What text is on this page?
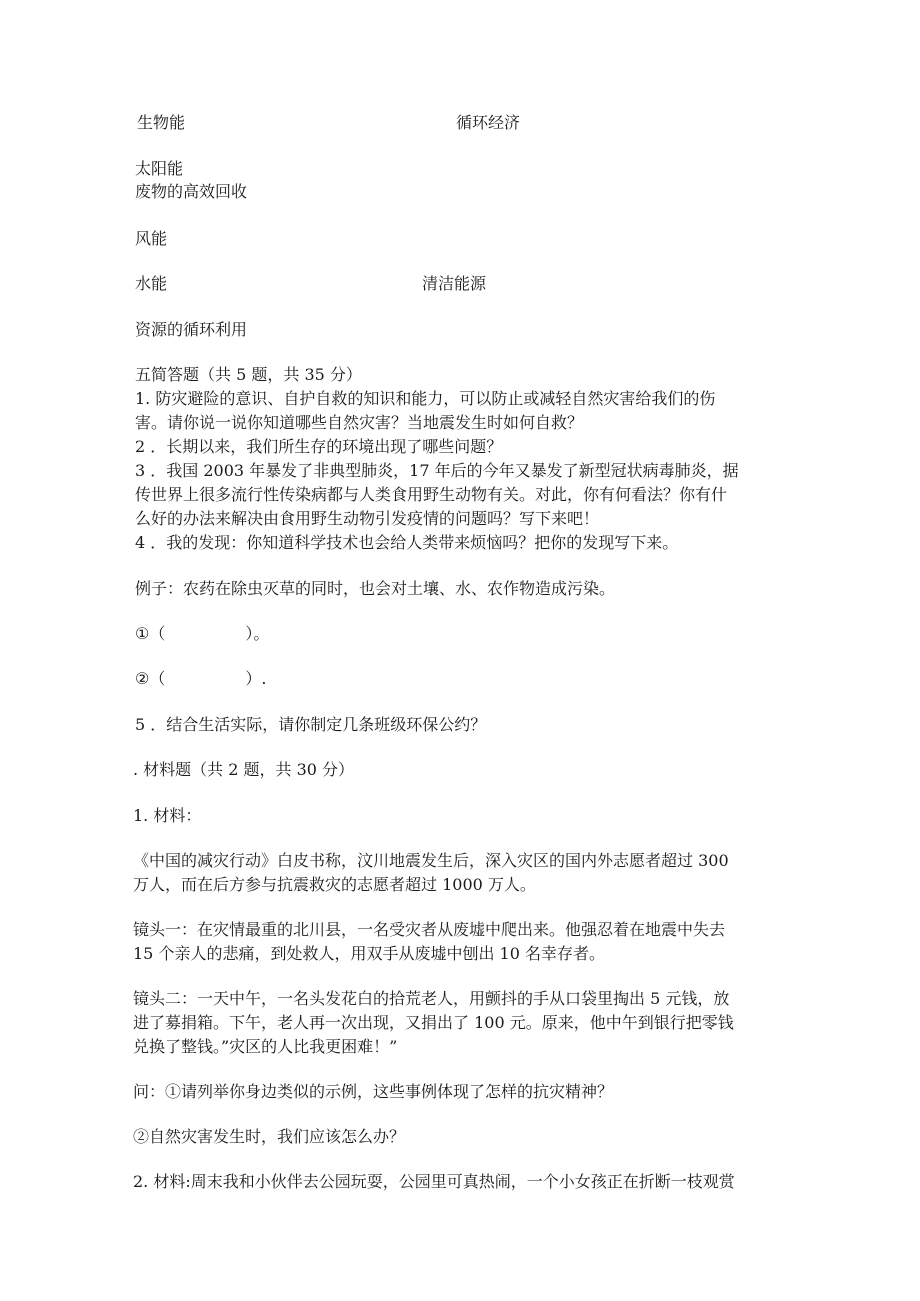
生物能	循环经济
太阳能
废物的高效回收
风能
水能	清洁能源
资源的循环利用
五简答题（共 5 题，共 35 分）
1. 防灾避险的意识、自护自救的知识和能力，可以防止或减轻自然灾害给我们的伤
害。请你说一说你知道哪些自然灾害？当地震发生时如何自救？
2 ．长期以来，我们所生存的环境出现了哪些问题？
3 ．我国 2003 年暴发了非典型肺炎，17 年后的今年又暴发了新型冠状病毒肺炎，据
传世界上很多流行性传染病都与人类食用野生动物有关。对此，你有何看法？你有什
么好的办法来解决由食用野生动物引发疫情的问题吗？写下来吧！
4 ．我的发现：你知道科学技术也会给人类带来烦恼吗？把你的发现写下来。
例子：农药在除虫灭草的同时，也会对土壤、水、农作物造成污染。
①（　　　　　）。
②（　　　　　）.
5 ．结合生活实际，请你制定几条班级环保公约？
. 材料题（共 2 题，共 30 分）
1. 材料：
《中国的减灾行动》白皮书称，汶川地震发生后，深入灾区的国内外志愿者超过 300
万人，而在后方参与抗震救灾的志愿者超过 1000 万人。
镜头一：在灾情最重的北川县，一名受灾者从废墟中爬出来。他强忍着在地震中失去
15 个亲人的悲痛，到处救人，用双手从废墟中刨出 10 名幸存者。
镜头二：一天中午，一名头发花白的拾荒老人，用颤抖的手从口袋里掏出 5 元钱，放
进了募捐箱。下午，老人再一次出现，又捐出了 100 元。原来，他中午到银行把零钱
兑换了整钱。”灾区的人比我更困难！”
问：①请列举你身边类似的示例，这些事例体现了怎样的抗灾精神？
②自然灾害发生时，我们应该怎么办？
2. 材料:周末我和小伙伴去公园玩耍，公园里可真热闹，一个小女孩正在折断一枝观赏
